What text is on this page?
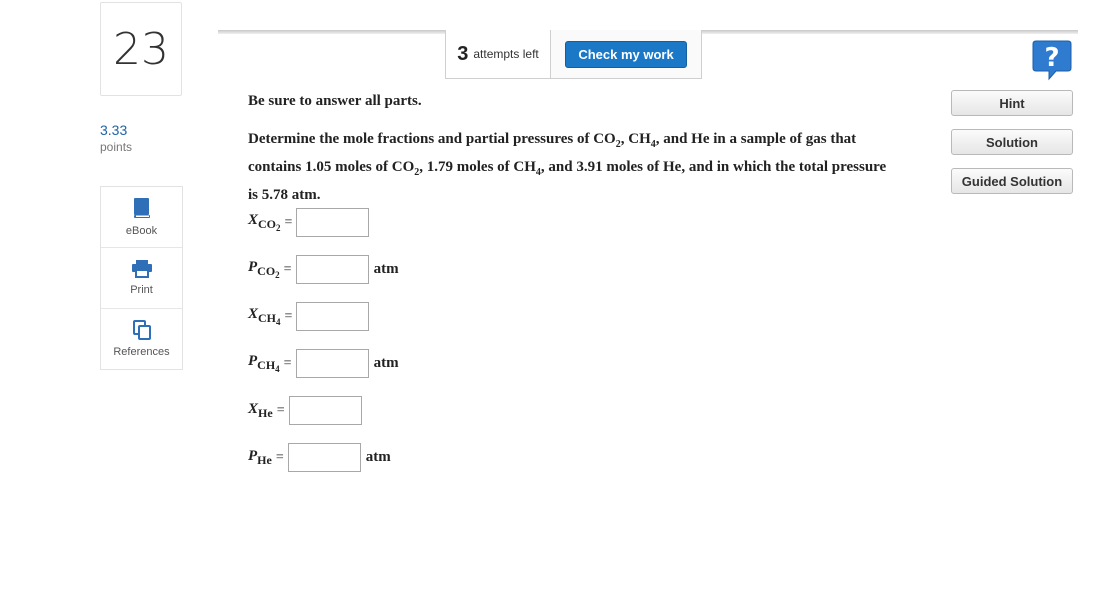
23
3.33
points
eBook
Print
References
3 attempts left	Check my work	?
Hint
Solution
Guided Solution
Be sure to answer all parts.
Determine the mole fractions and partial pressures of $CO_2$, $CH_4$, and He in a sample of gas that contains 1.05 moles of $CO_2$, 1.79 moles of $CH_4$, and 3.91 moles of He, and in which the total pressure is 5.78 atm.
$X_{CO_2}$ =
$P_{CO_2}$ =	atm
$X_{CH_4}$ =
$P_{CH_4}$ =	atm
$X_{He}$ =
$P_{He}$ =	atm
